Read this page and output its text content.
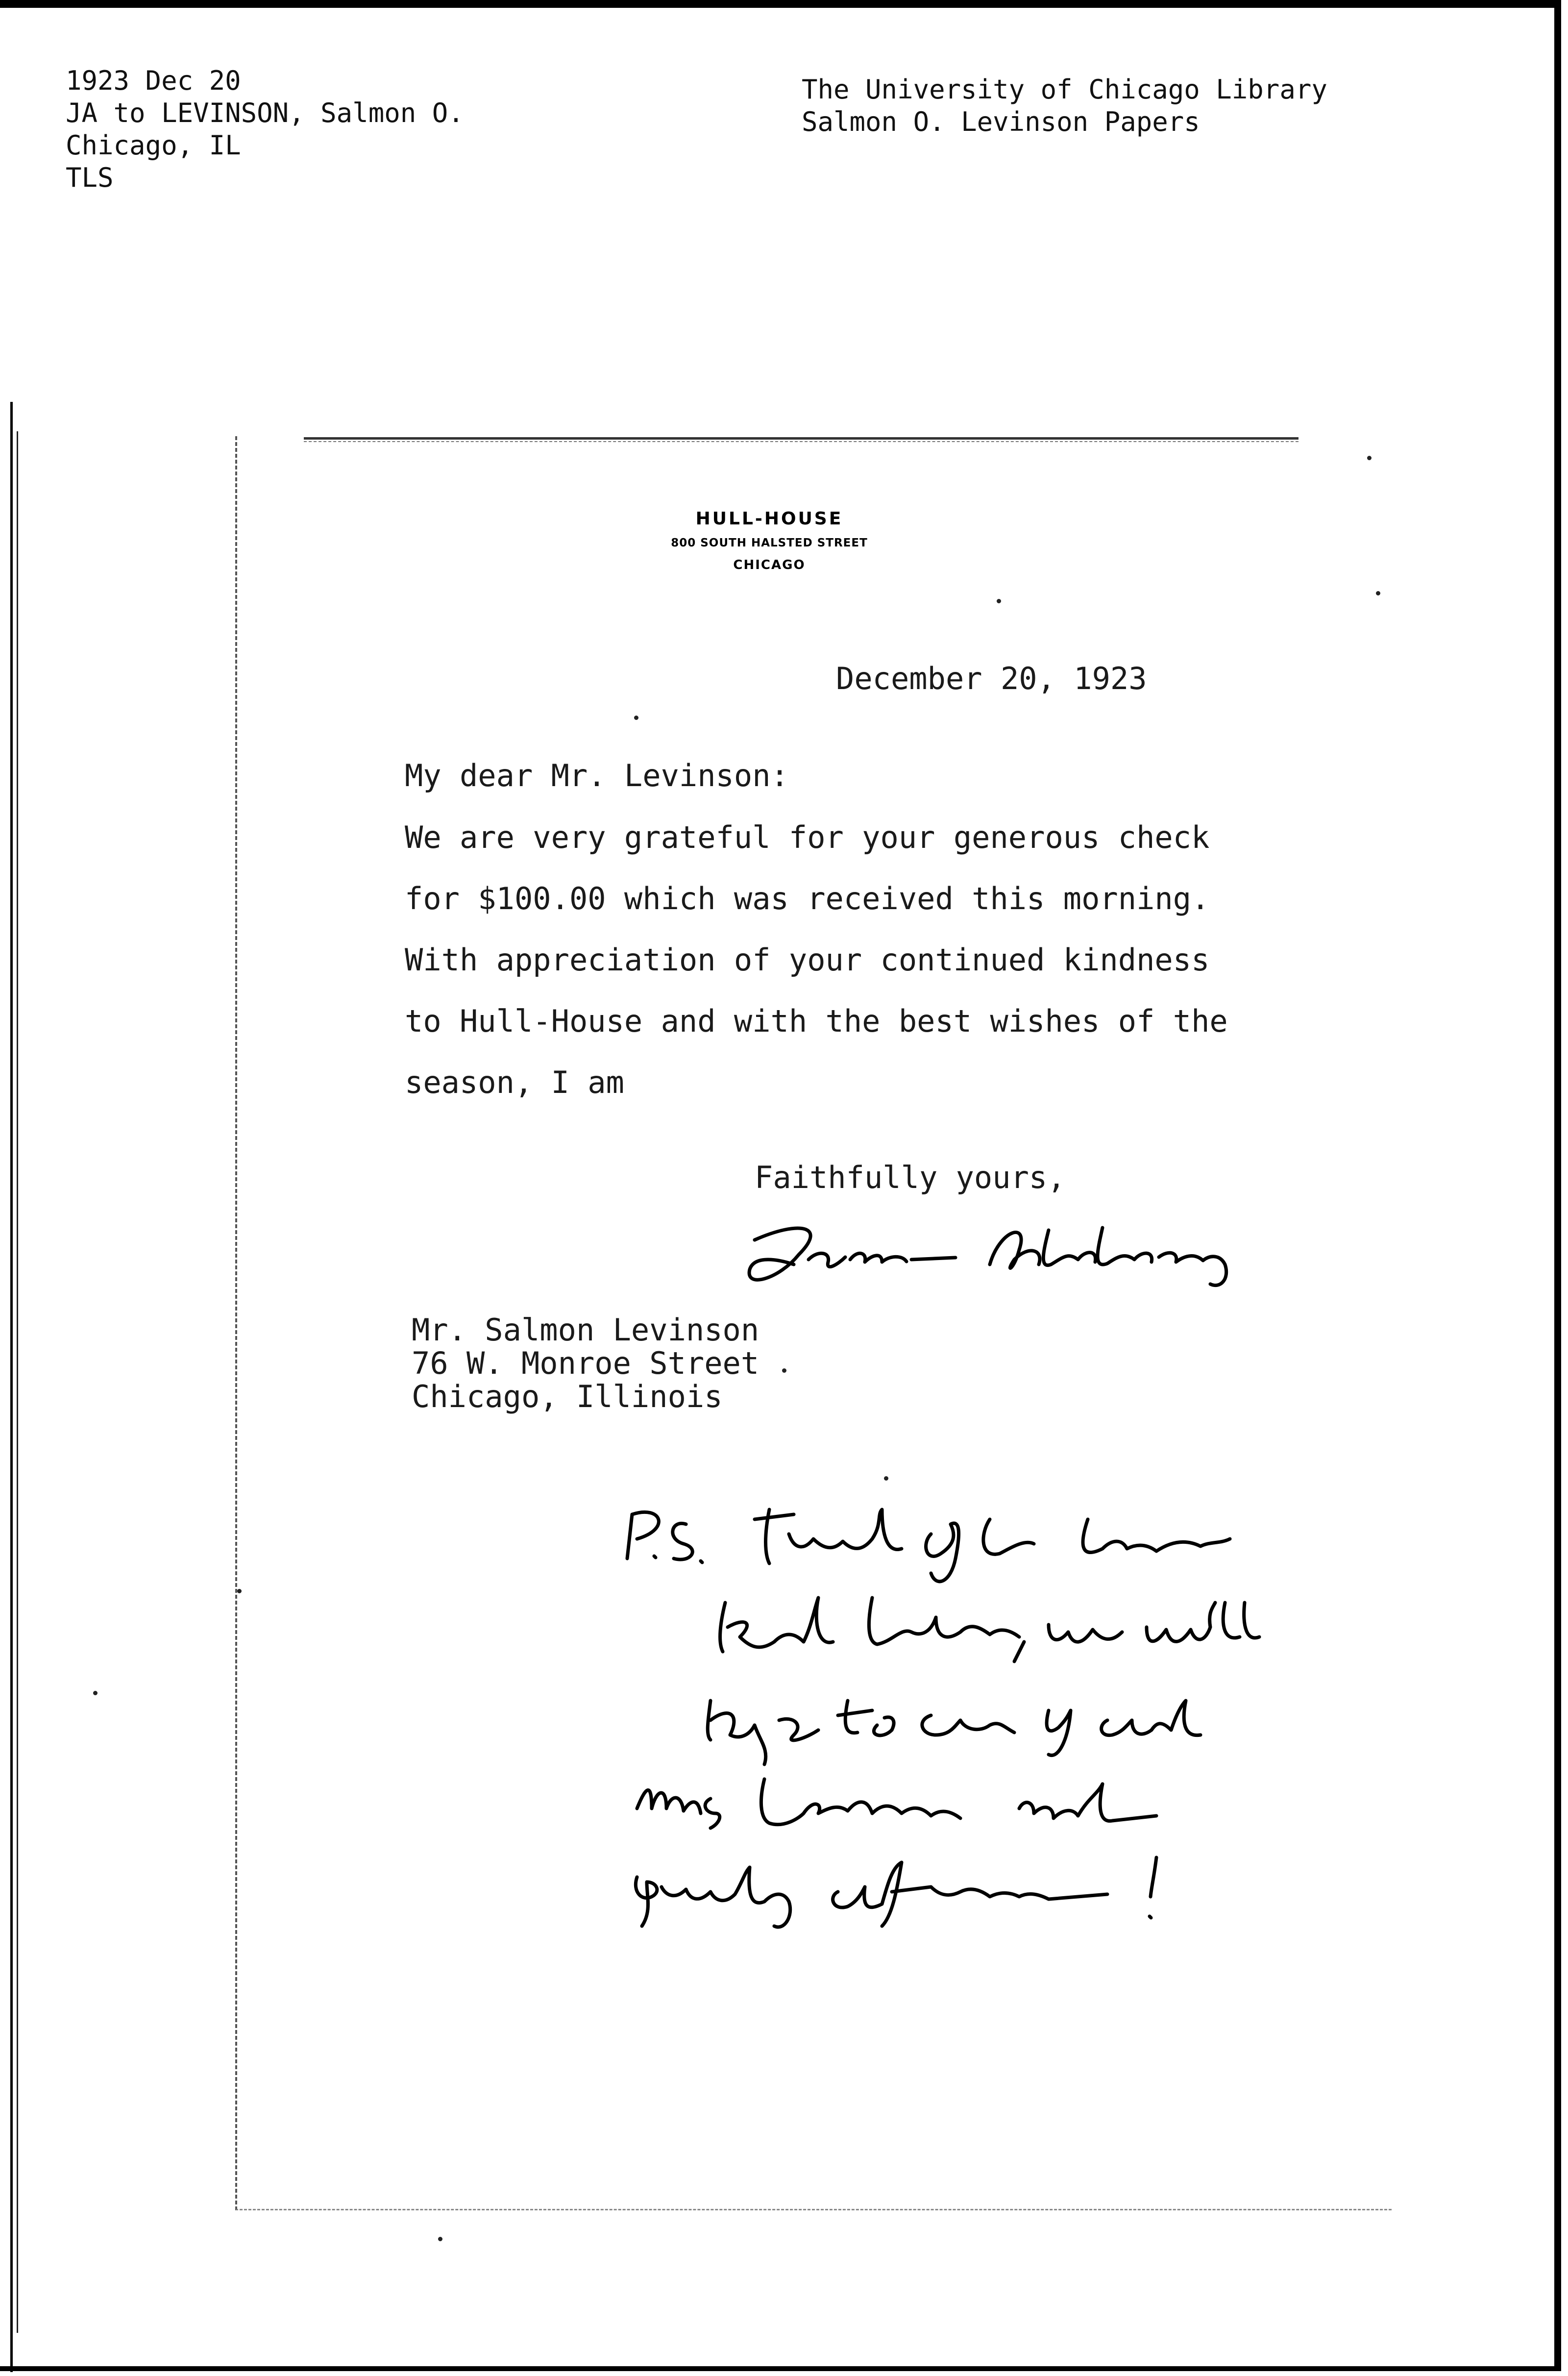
1923 Dec 20
JA to LEVINSON, Salmon O.
Chicago, IL
TLS
The University of Chicago Library
Salmon O. Levinson Papers
HULL-HOUSE
800 SOUTH HALSTED STREET
CHICAGO
December 20, 1923
My dear Mr. Levinson:
We are very grateful for your generous check
for $100.00 which was received this morning.
With appreciation of your continued kindness
to Hull-House and with the best wishes of the
season, I am
Faithfully yours,
Mr. Salmon Levinson
76 W. Monroe Street
Chicago, Illinois
